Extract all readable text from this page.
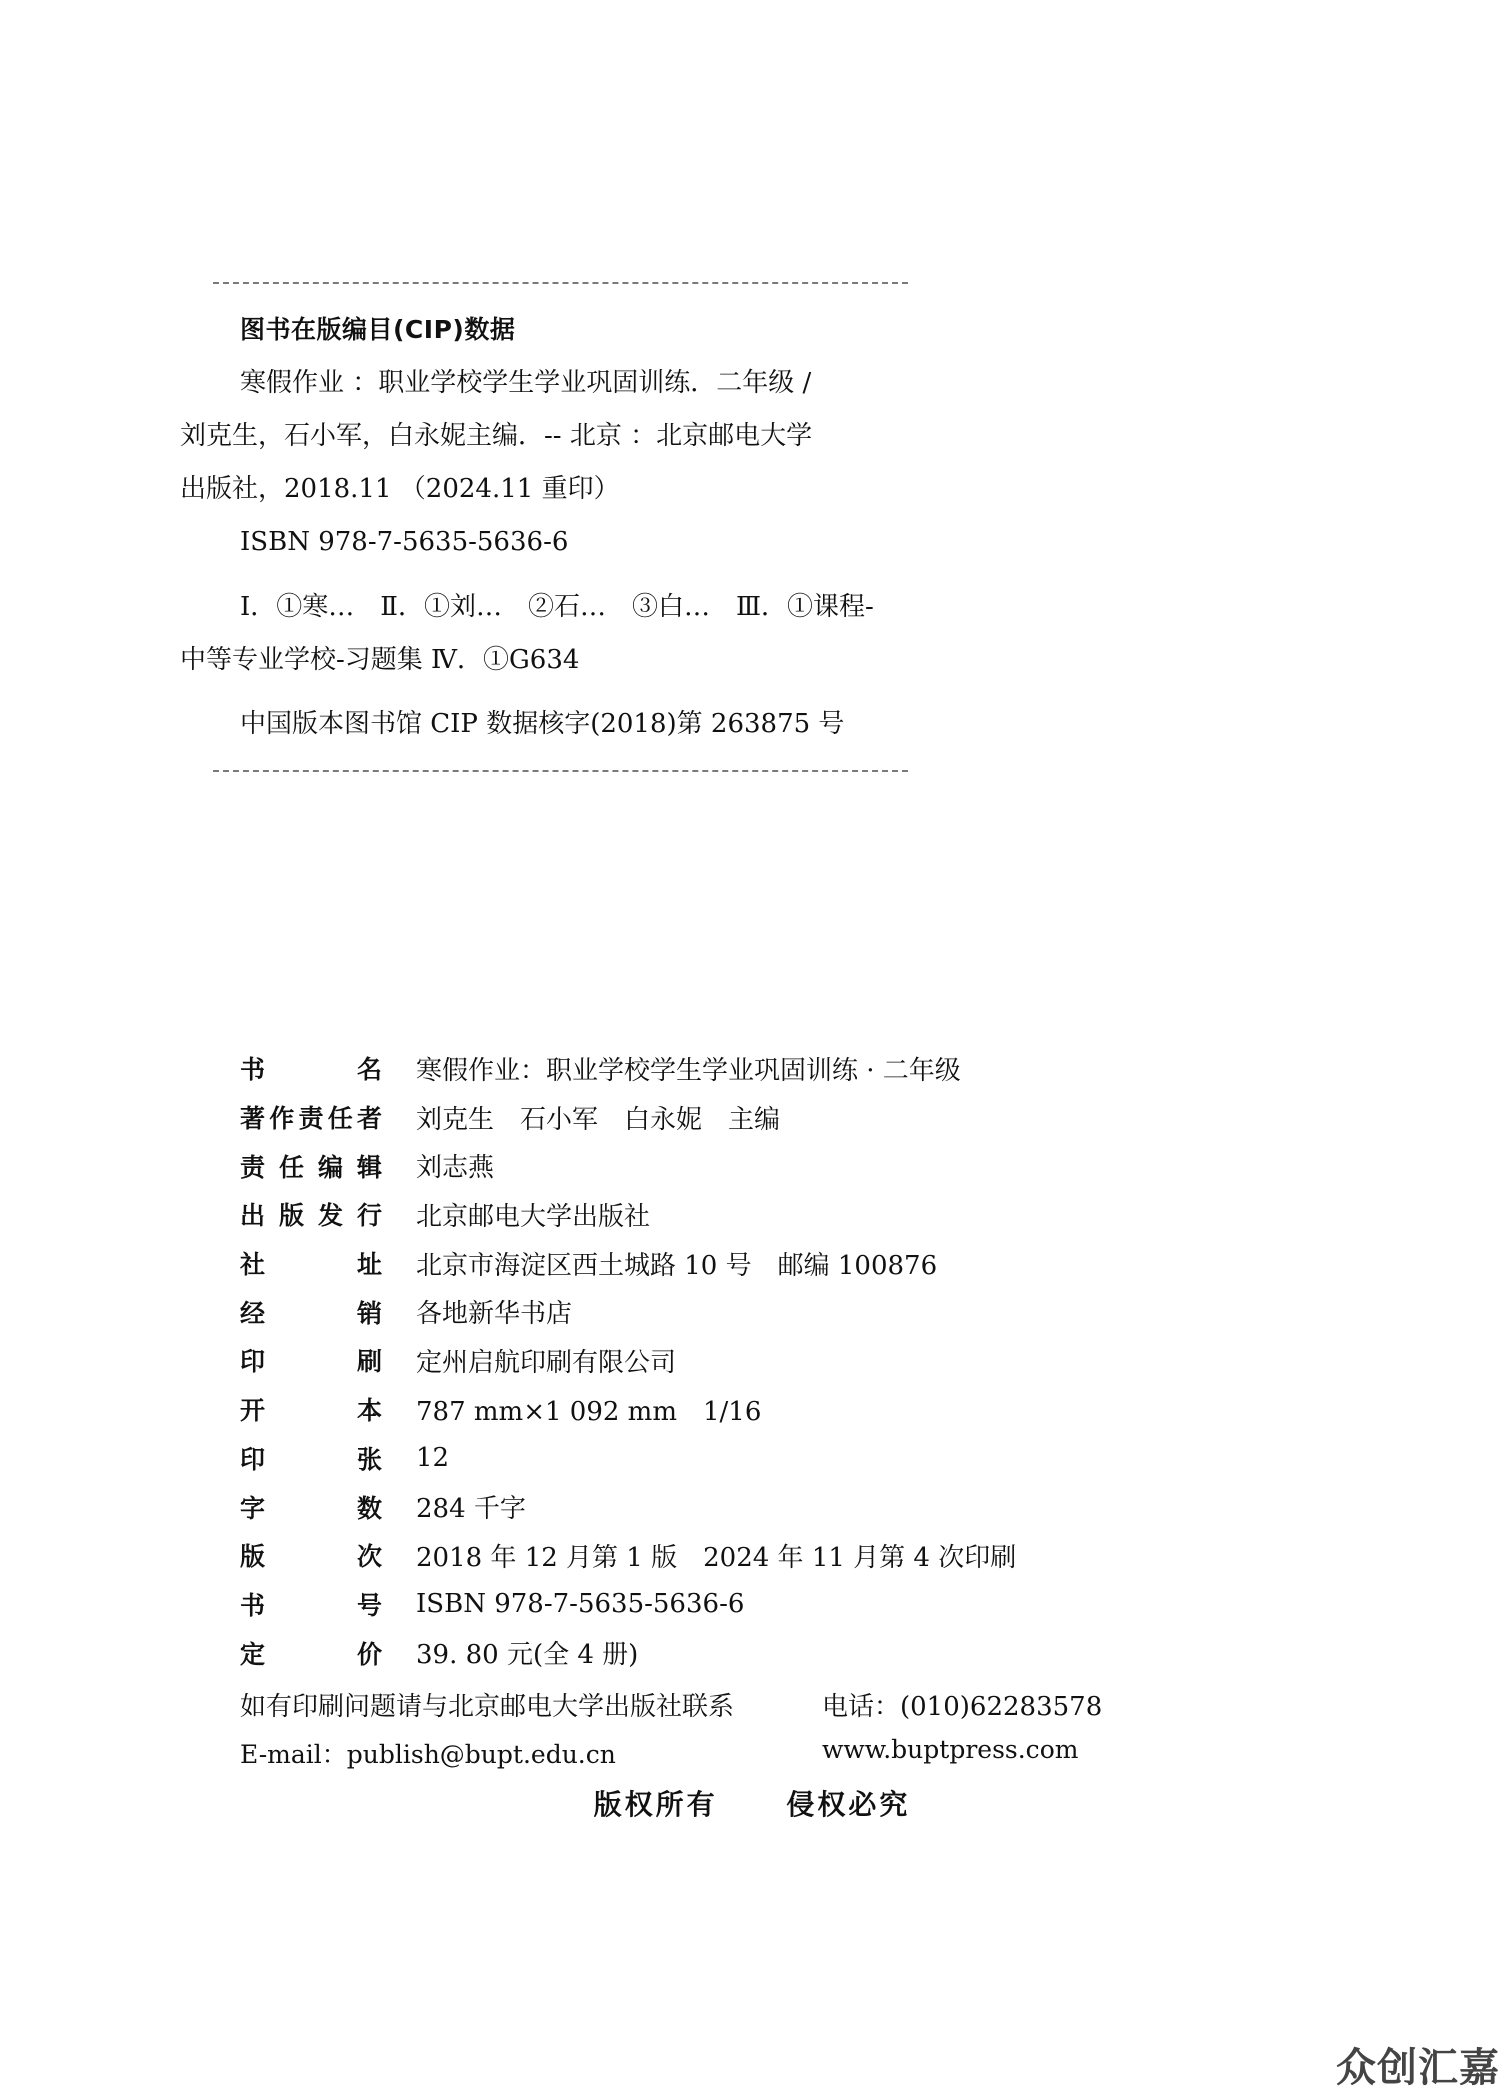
图书在版编目(CIP)数据
寒假作业 ：职业学校学生学业巩固训练．二年级 /
刘克生，石小军，白永妮主编．-- 北京 ：北京邮电大学
出版社，2018.11 （2024.11 重印）
ISBN 978-7-5635-5636-6
Ⅰ．①寒…　Ⅱ．①刘…　②石…　③白…　Ⅲ．①课程-
中等专业学校-习题集 Ⅳ．①G634
中国版本图书馆 CIP 数据核字(2018)第 263875 号
书	名 寒假作业：职业学校学生学业巩固训练 · 二年级
著 作 责 任 者 刘克生　石小军　白永妮　主编
责 任 编 辑 刘志燕
出 版 发 行 北京邮电大学出版社
社	址 北京市海淀区西土城路 10 号　邮编 100876
经	销 各地新华书店
印	刷 定州启航印刷有限公司
开	本 787 mm×1 092 mm　1/16
印	张 12
字	数 284 千字
版	次 2018 年 12 月第 1 版　2024 年 11 月第 4 次印刷
书	号 ISBN 978-7-5635-5636-6
定	价 39. 80 元(全 4 册)
如有印刷问题请与北京邮电大学出版社联系	电话：(010)62283578
E-mail：publish@bupt.edu.cn	www.buptpress.com
版权所有 侵权必究
众创汇嘉
